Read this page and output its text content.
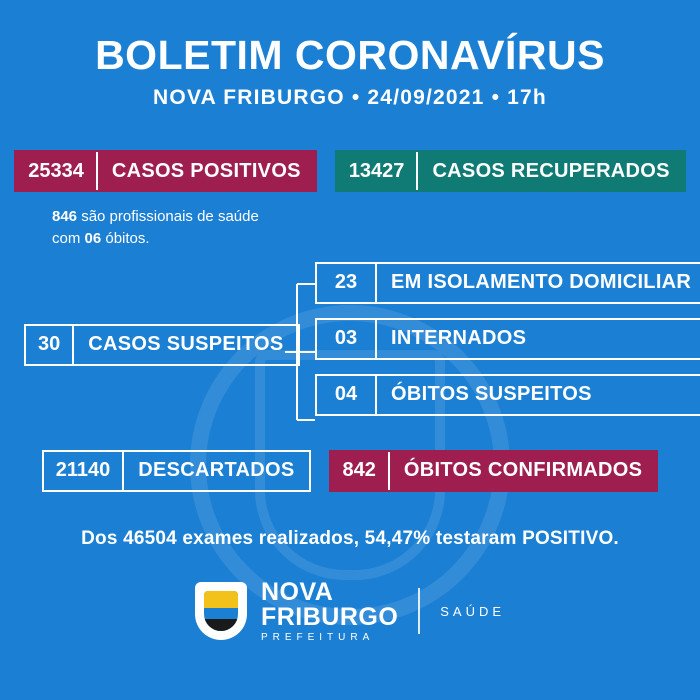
BOLETIM CORONAVÍRUS
NOVA FRIBURGO • 24/09/2021 • 17h
25334	CASOS POSITIVOS	13427	CASOS RECUPERADOS
846 são profissionais de saúde
com 06 óbitos.
30	CASOS SUSPEITOS
23	EM ISOLAMENTO DOMICILIAR
03	INTERNADOS
04	ÓBITOS SUSPEITOS
21140	DESCARTADOS	842	ÓBITOS CONFIRMADOS
Dos 46504 exames realizados, 54,47% testaram POSITIVO.
NOVA
FRIBURGO
PREFEITURA
SAÚDE
